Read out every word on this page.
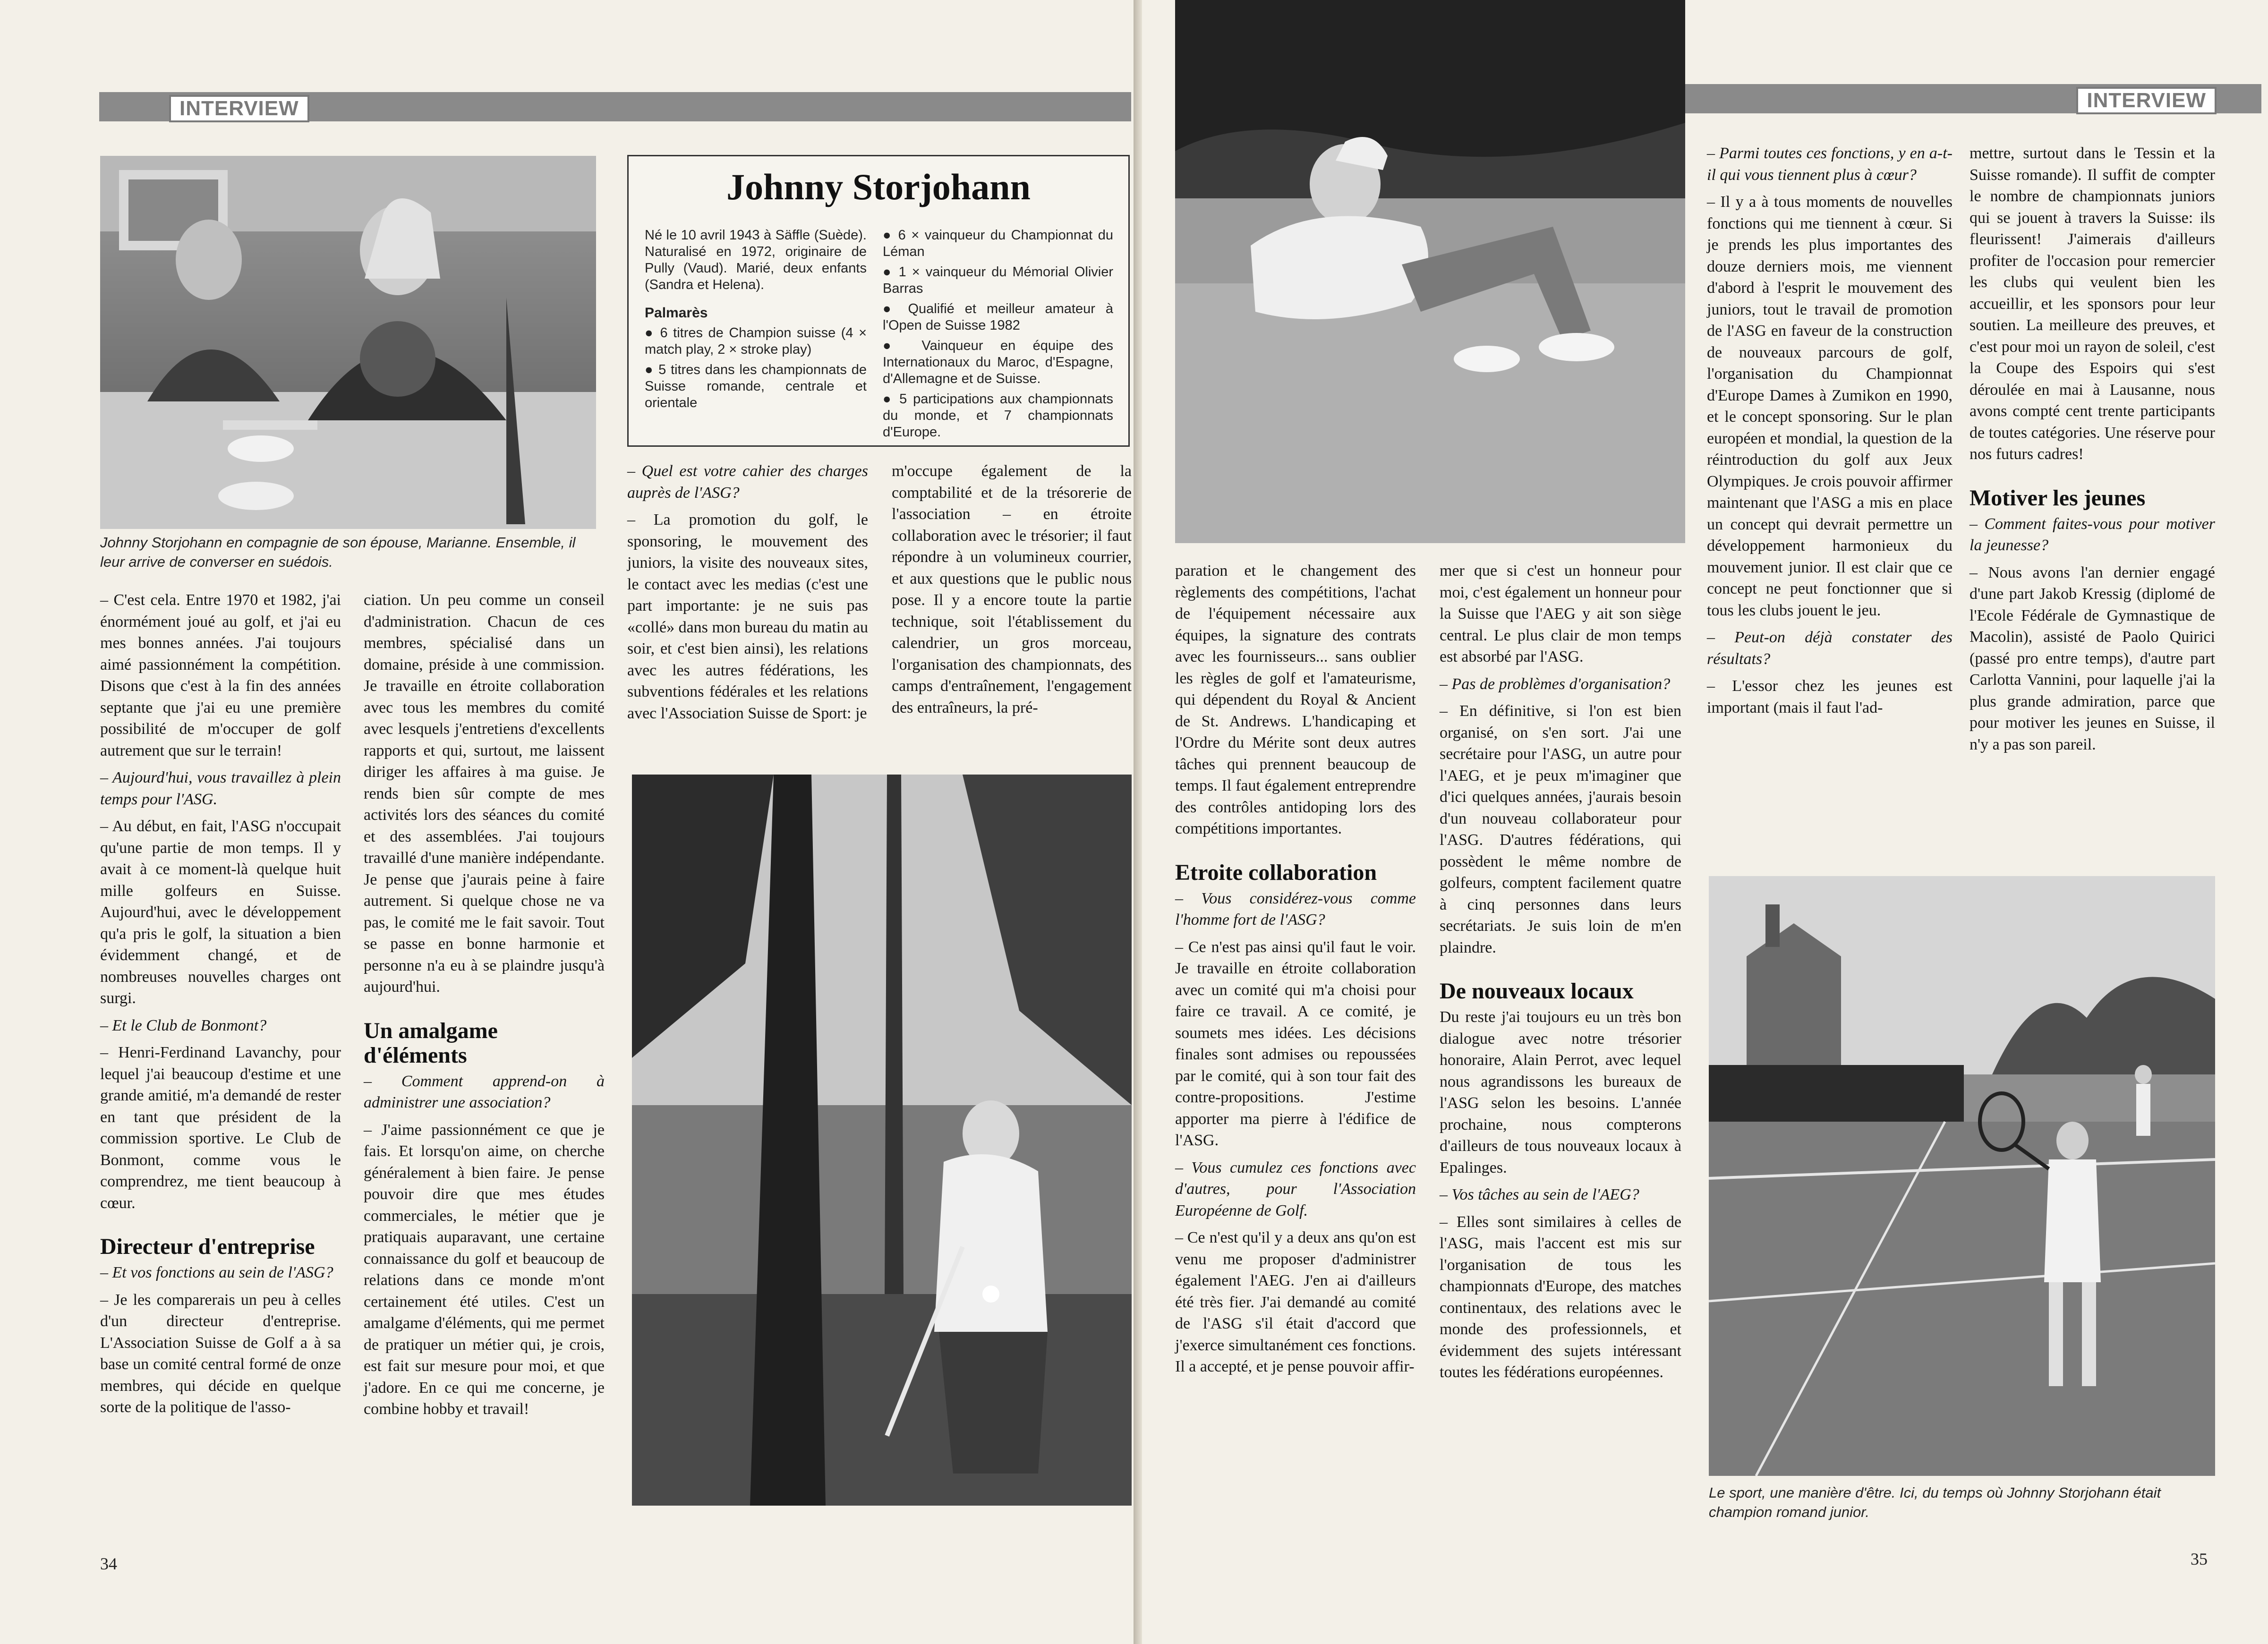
INTERVIEW
Johnny Storjohann en compagnie de son épouse, Marianne. Ensemble, il leur arrive de converser en suédois.
Johnny Storjohann

Né le 10 avril 1943 à Säffle (Suède). Naturalisé en 1972, originaire de Pully (Vaud). Marié, deux enfants (Sandra et Helena).

Palmarès

● 6 titres de Champion suisse (4 × match play, 2 × stroke play)

● 5 titres dans les championnats de Suisse romande, centrale et orientale

● 6 × vainqueur du Championnat du Léman

● 1 × vainqueur du Mémorial Olivier Barras

● Qualifié et meilleur amateur à l'Open de Suisse 1982

● Vainqueur en équipe des Internationaux du Maroc, d'Espagne, d'Allemagne et de Suisse.

● 5 participations aux championnats du monde, et 7 championnats d'Europe.

– C'est cela. Entre 1970 et 1982, j'ai énormément joué au golf, et j'ai eu mes bonnes années. J'ai toujours aimé passionnément la compétition. Disons que c'est à la fin des années septante que j'ai eu une première possibilité de m'occuper de golf autrement que sur le terrain!

– Aujourd'hui, vous travaillez à plein temps pour l'ASG.

– Au début, en fait, l'ASG n'occupait qu'une partie de mon temps. Il y avait à ce moment-là quelque huit mille golfeurs en Suisse. Aujourd'hui, avec le développement qu'a pris le golf, la situation a bien évidemment changé, et de nombreuses nouvelles charges ont surgi.

– Et le Club de Bonmont?

– Henri-Ferdinand Lavanchy, pour lequel j'ai beaucoup d'estime et une grande amitié, m'a demandé de rester en tant que président de la commission sportive. Le Club de Bonmont, comme vous le comprendrez, me tient beaucoup à cœur.

Directeur d'entreprise

– Et vos fonctions au sein de l'ASG?

– Je les comparerais un peu à celles d'un directeur d'entreprise. L'Association Suisse de Golf a à sa base un comité central formé de onze membres, qui décide en quelque sorte de la politique de l'asso-

ciation. Un peu comme un conseil d'administration. Chacun de ces membres, spécialisé dans un domaine, préside à une commission. Je travaille en étroite collaboration avec tous les membres du comité avec lesquels j'entretiens d'excellents rapports et qui, surtout, me laissent diriger les affaires à ma guise. Je rends bien sûr compte de mes activités lors des séances du comité et des assemblées. J'ai toujours travaillé d'une manière indépendante. Je pense que j'aurais peine à faire autrement. Si quelque chose ne va pas, le comité me le fait savoir. Tout se passe en bonne harmonie et personne n'a eu à se plaindre jusqu'à aujourd'hui.

Un amalgame d'éléments

– Comment apprend-on à administrer une association?

– J'aime passionnément ce que je fais. Et lorsqu'on aime, on cherche généralement à bien faire. Je pense pouvoir dire que mes études commerciales, le métier que je pratiquais auparavant, une certaine connaissance du golf et beaucoup de relations dans ce monde m'ont certainement été utiles. C'est un amalgame d'éléments, qui me permet de pratiquer un métier qui, je crois, est fait sur mesure pour moi, et que j'adore. En ce qui me concerne, je combine hobby et travail!

– Quel est votre cahier des charges auprès de l'ASG?

– La promotion du golf, le sponsoring, le mouvement des juniors, la visite des nouveaux sites, le contact avec les medias (c'est une part importante: je ne suis pas «collé» dans mon bureau du matin au soir, et c'est bien ainsi), les relations avec les autres fédérations, les subventions fédérales et les relations avec l'Association Suisse de Sport: je

m'occupe également de la comptabilité et de la trésorerie de l'association – en étroite collaboration avec le trésorier; il faut répondre à un volumineux courrier, et aux questions que le public nous pose. Il y a encore toute la partie technique, soit l'établissement du calendrier, un gros morceau, l'organisation des championnats, des camps d'entraînement, l'engagement des entraîneurs, la pré-

34
INTERVIEW

paration et le changement des règlements des compétitions, l'achat de l'équipement nécessaire aux équipes, la signature des contrats avec les fournisseurs... sans oublier les règles de golf et l'amateurisme, qui dépendent du Royal & Ancient de St. Andrews. L'handicaping et l'Ordre du Mérite sont deux autres tâches qui prennent beaucoup de temps. Il faut également entreprendre des contrôles antidoping lors des compétitions importantes.

Etroite collaboration

– Vous considérez-vous comme l'homme fort de l'ASG?

– Ce n'est pas ainsi qu'il faut le voir. Je travaille en étroite collaboration avec un comité qui m'a choisi pour faire ce travail. A ce comité, je soumets mes idées. Les décisions finales sont admises ou repoussées par le comité, qui à son tour fait des contre-propositions. J'estime apporter ma pierre à l'édifice de l'ASG.

– Vous cumulez ces fonctions avec d'autres, pour l'Association Européenne de Golf.

– Ce n'est qu'il y a deux ans qu'on est venu me proposer d'administrer également l'AEG. J'en ai d'ailleurs été très fier. J'ai demandé au comité de l'ASG s'il était d'accord que j'exerce simultanément ces fonctions. Il a accepté, et je pense pouvoir affir-

mer que si c'est un honneur pour moi, c'est également un honneur pour la Suisse que l'AEG y ait son siège central. Le plus clair de mon temps est absorbé par l'ASG.

– Pas de problèmes d'organisation?

– En définitive, si l'on est bien organisé, on s'en sort. J'ai une secrétaire pour l'ASG, un autre pour l'AEG, et je peux m'imaginer que d'ici quelques années, j'aurais besoin d'un nouveau collaborateur pour l'ASG. D'autres fédérations, qui possèdent le même nombre de golfeurs, comptent facilement quatre à cinq personnes dans leurs secrétariats. Je suis loin de m'en plaindre.

De nouveaux locaux

Du reste j'ai toujours eu un très bon dialogue avec notre trésorier honoraire, Alain Perrot, avec lequel nous agrandissons les bureaux de l'ASG selon les besoins. L'année prochaine, nous compterons d'ailleurs de tous nouveaux locaux à Epalinges.

– Vos tâches au sein de l'AEG?

– Elles sont similaires à celles de l'ASG, mais l'accent est mis sur l'organisation de tous les championnats d'Europe, des matches continentaux, des relations avec le monde des professionnels, et évidemment des sujets intéressant toutes les fédérations européennes.

– Parmi toutes ces fonctions, y en a-t-il qui vous tiennent plus à cœur?

– Il y a à tous moments de nouvelles fonctions qui me tiennent à cœur. Si je prends les plus importantes des douze derniers mois, me viennent d'abord à l'esprit le mouvement des juniors, tout le travail de promotion de l'ASG en faveur de la construction de nouveaux parcours de golf, l'organisation du Championnat d'Europe Dames à Zumikon en 1990, et le concept sponsoring. Sur le plan européen et mondial, la question de la réintroduction du golf aux Jeux Olympiques. Je crois pouvoir affirmer maintenant que l'ASG a mis en place un concept qui devrait permettre un développement harmonieux du mouvement junior. Il est clair que ce concept ne peut fonctionner que si tous les clubs jouent le jeu.

– Peut-on déjà constater des résultats?

– L'essor chez les jeunes est important (mais il faut l'ad-

mettre, surtout dans le Tessin et la Suisse romande). Il suffit de compter le nombre de championnats juniors qui se jouent à travers la Suisse: ils fleurissent! J'aimerais d'ailleurs profiter de l'occasion pour remercier les clubs qui veulent bien les accueillir, et les sponsors pour leur soutien. La meilleure des preuves, et c'est pour moi un rayon de soleil, c'est la Coupe des Espoirs qui s'est déroulée en mai à Lausanne, nous avons compté cent trente participants de toutes catégories. Une réserve pour nos futurs cadres!

Motiver les jeunes

– Comment faites-vous pour motiver la jeunesse?

– Nous avons l'an dernier engagé d'une part Jakob Kressig (diplomé de l'Ecole Fédérale de Gymnastique de Macolin), assisté de Paolo Quirici (passé pro entre temps), d'autre part Carlotta Vannini, pour laquelle j'ai la plus grande admiration, parce que pour motiver les jeunes en Suisse, il n'y a pas son pareil.

Le sport, une manière d'être. Ici, du temps où Johnny Storjohann était champion romand junior.
35
